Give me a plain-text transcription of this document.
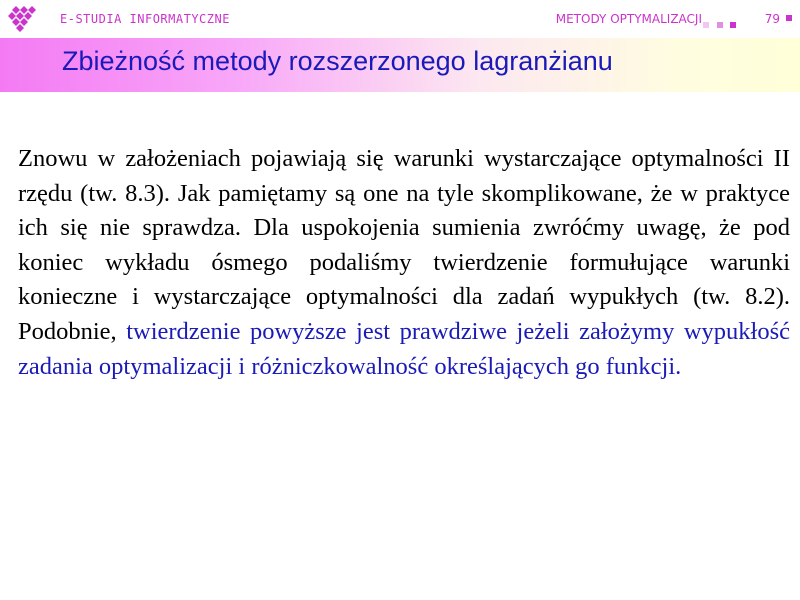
E-STUDIA INFORMATYCZNE	METODY OPTYMALIZACJI
	79
Zbieżność metody rozszerzonego lagranżianu
Znowu w założeniach pojawiają się warunki wystarczające optymalności II rzędu (tw. 8.3). Jak pamiętamy są one na tyle skomplikowane, że w praktyce ich się nie sprawdza. Dla uspokojenia sumienia zwróćmy uwagę, że pod koniec wykładu ósmego podaliśmy twierdzenie formułujące warunki konieczne i wystarczające optymalności dla zadań wypukłych (tw. 8.2). Podobnie, twierdzenie powyższe jest prawdziwe jeżeli założymy wypukłość zadania optymalizacji i różniczkowalność określających go funkcji.
